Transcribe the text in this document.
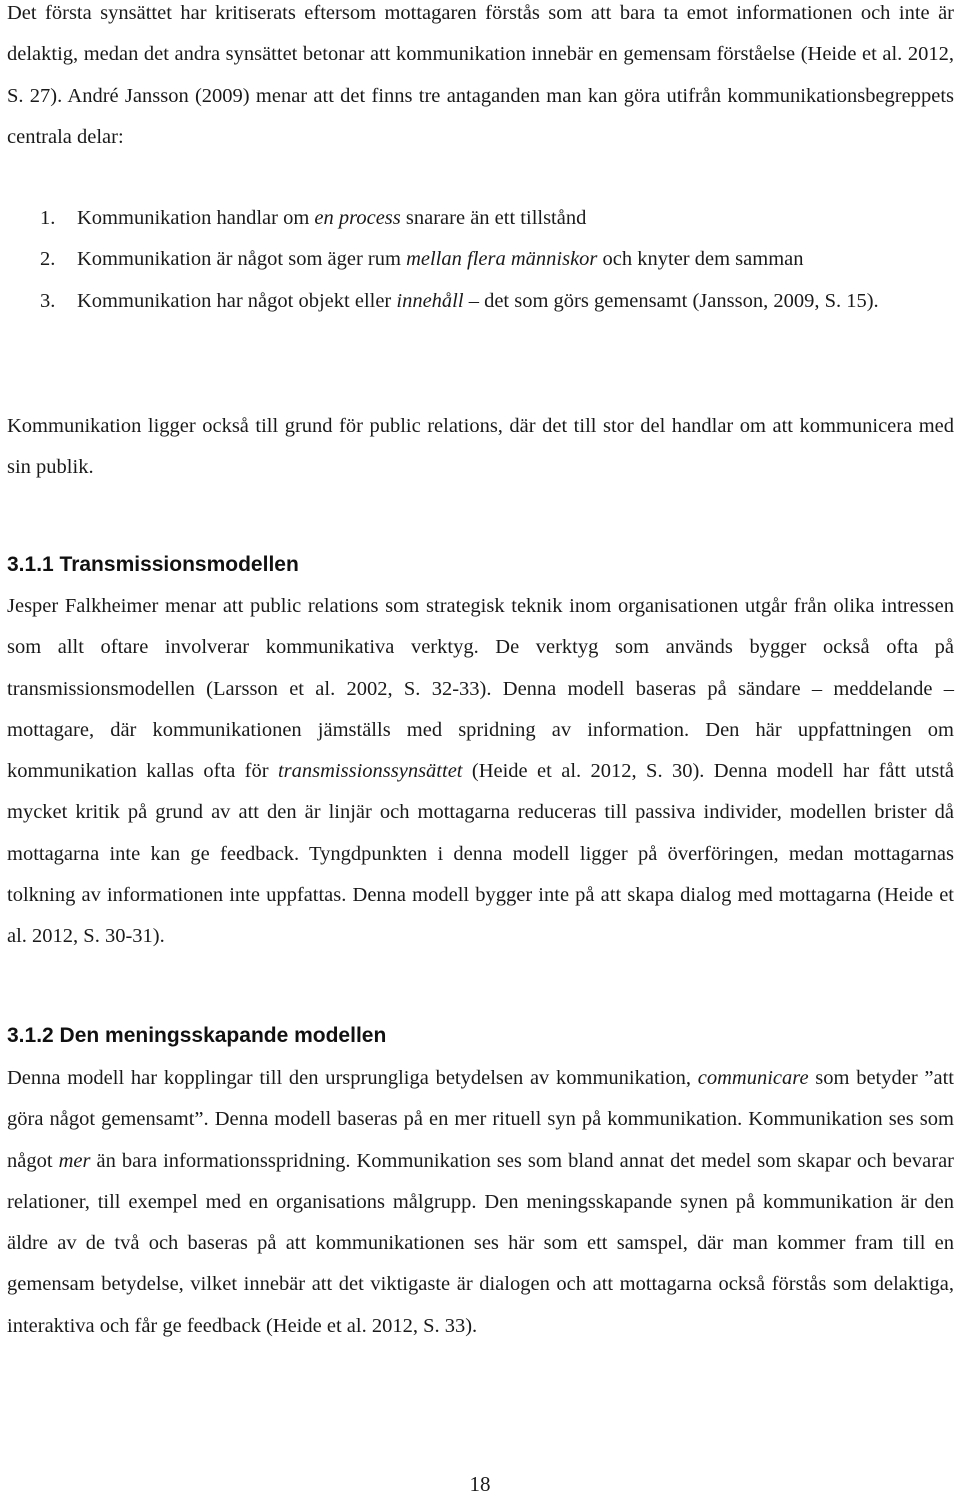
Det första synsättet har kritiserats eftersom mottagaren förstås som att bara ta emot informationen och inte är delaktig, medan det andra synsättet betonar att kommunikation innebär en gemensam förståelse (Heide et al. 2012, S. 27). André Jansson (2009) menar att det finns tre antaganden man kan göra utifrån kommunikationsbegreppets centrala delar:

1. Kommunikation handlar om en process snarare än ett tillstånd
2. Kommunikation är något som äger rum mellan flera människor och knyter dem samman
3. Kommunikation har något objekt eller innehåll – det som görs gemensamt (Jansson, 2009, S. 15).

Kommunikation ligger också till grund för public relations, där det till stor del handlar om att kommunicera med sin publik.

3.1.1 Transmissionsmodellen

Jesper Falkheimer menar att public relations som strategisk teknik inom organisationen utgår från olika intressen som allt oftare involverar kommunikativa verktyg. De verktyg som används bygger också ofta på transmissionsmodellen (Larsson et al. 2002, S. 32-33). Denna modell baseras på sändare – meddelande – mottagare, där kommunikationen jämställs med spridning av information. Den här uppfattningen om kommunikation kallas ofta för transmissionssynsättet (Heide et al. 2012, S. 30). Denna modell har fått utstå mycket kritik på grund av att den är linjär och mottagarna reduceras till passiva individer, modellen brister då mottagarna inte kan ge feedback. Tyngdpunkten i denna modell ligger på överföringen, medan mottagarnas tolkning av informationen inte uppfattas. Denna modell bygger inte på att skapa dialog med mottagarna (Heide et al. 2012, S. 30-31).

3.1.2 Den meningsskapande modellen

Denna modell har kopplingar till den ursprungliga betydelsen av kommunikation, communicare som betyder ”att göra något gemensamt”. Denna modell baseras på en mer rituell syn på kommunikation. Kommunikation ses som något mer än bara informationsspridning. Kommunikation ses som bland annat det medel som skapar och bevarar relationer, till exempel med en organisations målgrupp. Den meningsskapande synen på kommunikation är den äldre av de två och baseras på att kommunikationen ses här som ett samspel, där man kommer fram till en gemensam betydelse, vilket innebär att det viktigaste är dialogen och att mottagarna också förstås som delaktiga, interaktiva och får ge feedback (Heide et al. 2012, S. 33).

18
